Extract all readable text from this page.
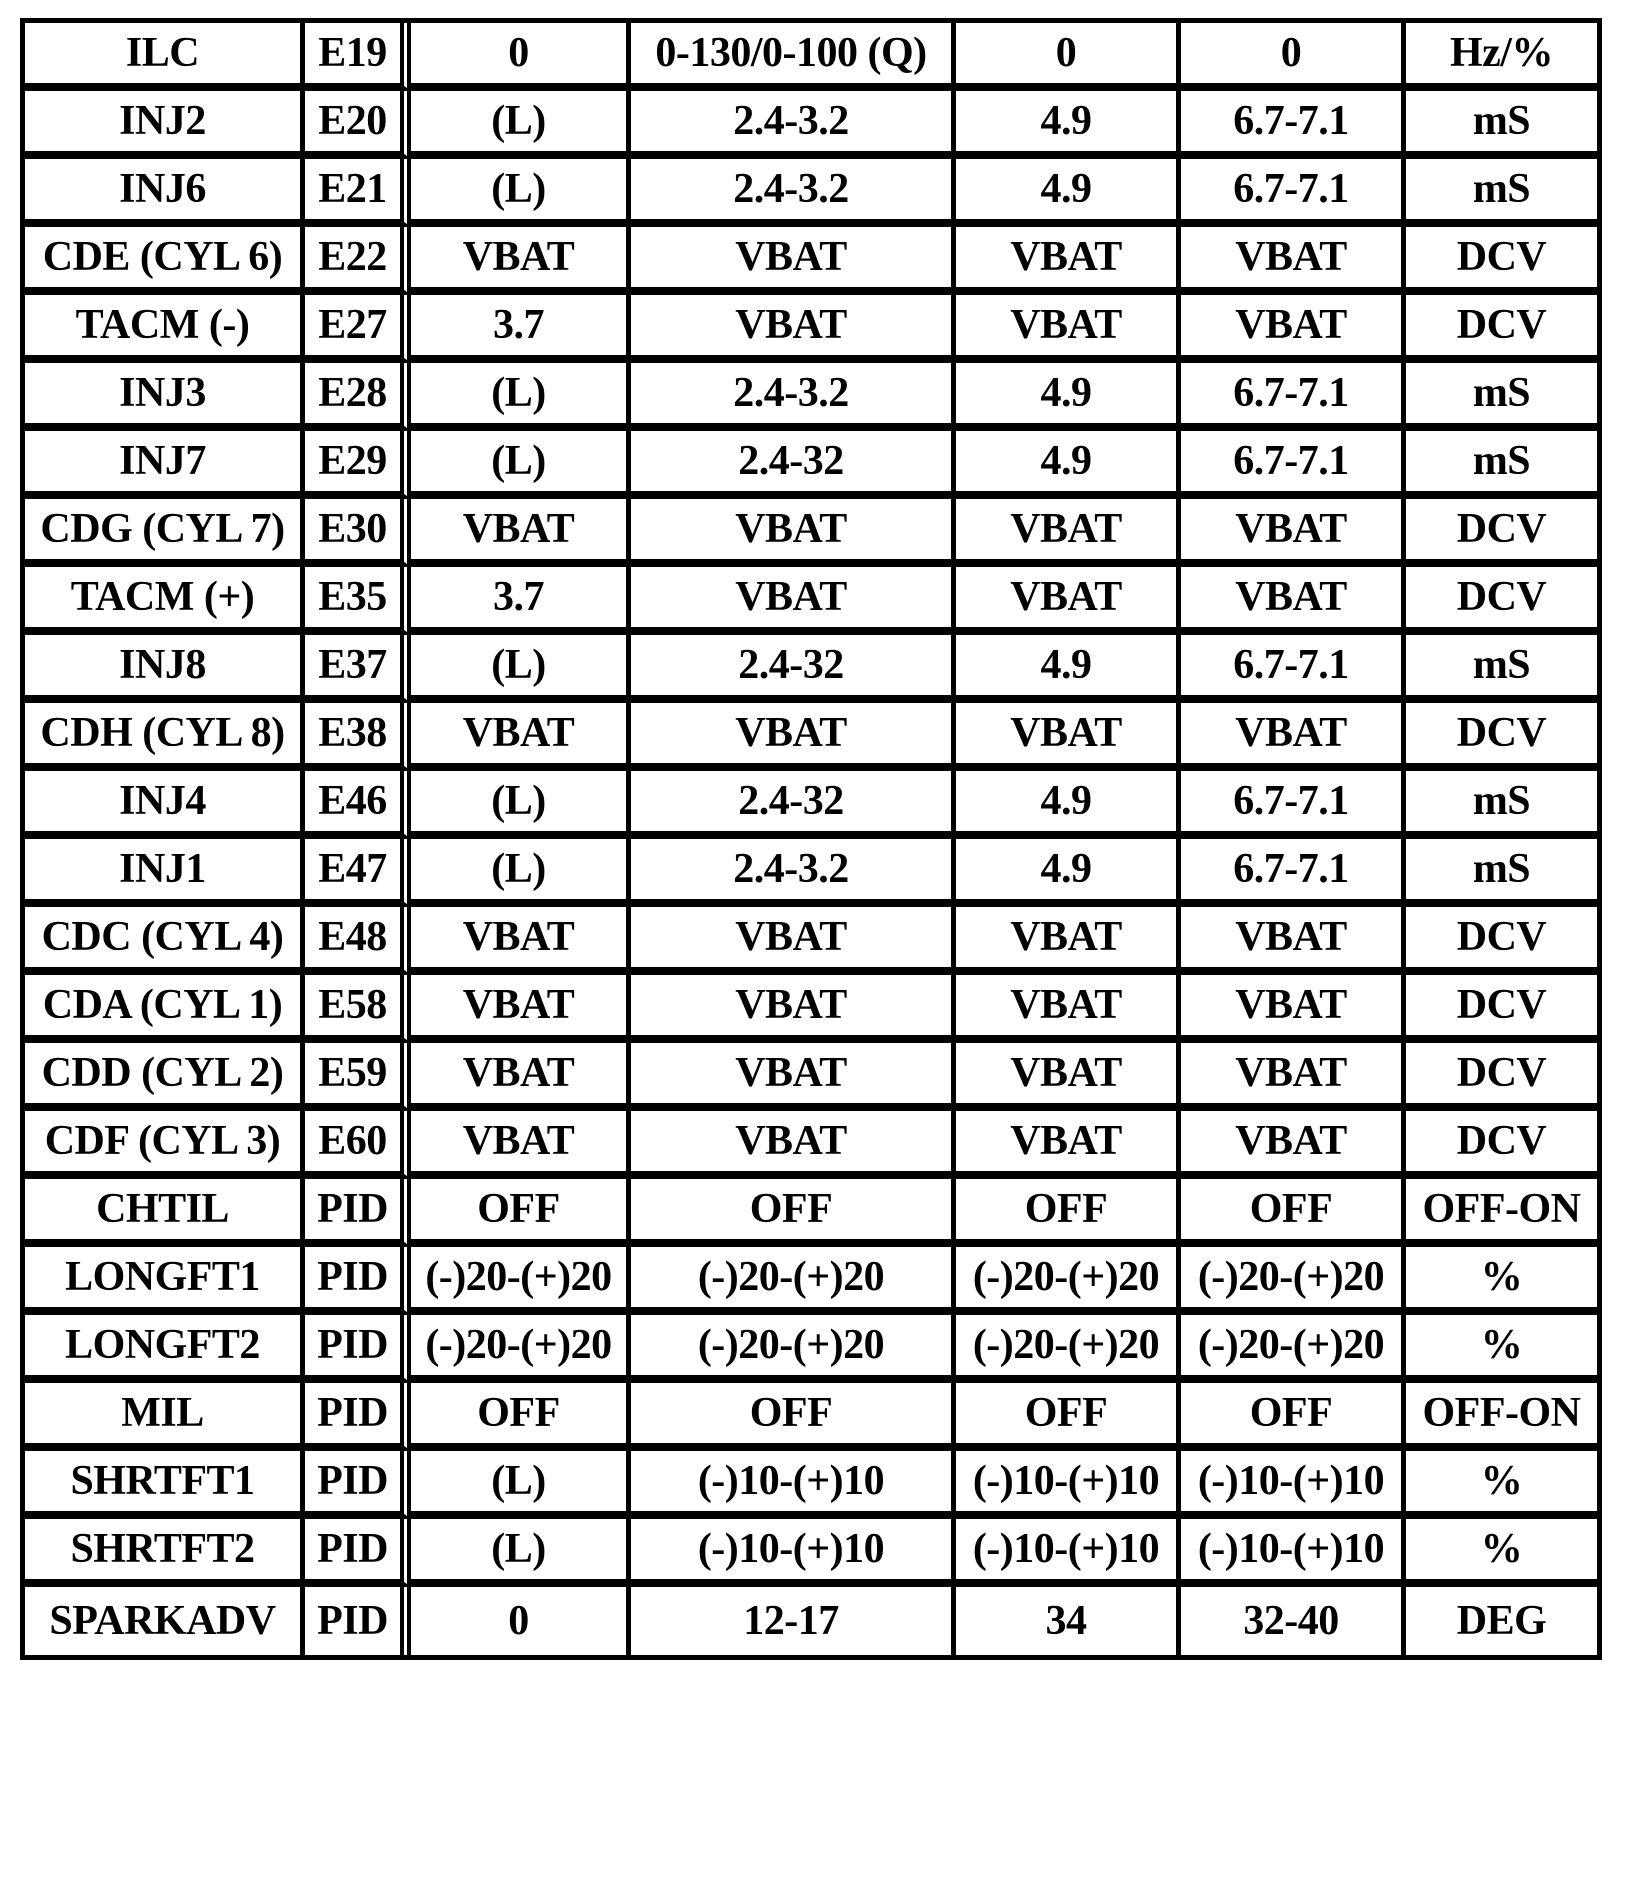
ILC	E19	0	0-130/0-100 (Q)	0	0	Hz/%
INJ2	E20	(L)	2.4-3.2	4.9	6.7-7.1	mS
INJ6	E21	(L)	2.4-3.2	4.9	6.7-7.1	mS
CDE (CYL 6)	E22	VBAT	VBAT	VBAT	VBAT	DCV
TACM (-)	E27	3.7	VBAT	VBAT	VBAT	DCV
INJ3	E28	(L)	2.4-3.2	4.9	6.7-7.1	mS
INJ7	E29	(L)	2.4-32	4.9	6.7-7.1	mS
CDG (CYL 7)	E30	VBAT	VBAT	VBAT	VBAT	DCV
TACM (+)	E35	3.7	VBAT	VBAT	VBAT	DCV
INJ8	E37	(L)	2.4-32	4.9	6.7-7.1	mS
CDH (CYL 8)	E38	VBAT	VBAT	VBAT	VBAT	DCV
INJ4	E46	(L)	2.4-32	4.9	6.7-7.1	mS
INJ1	E47	(L)	2.4-3.2	4.9	6.7-7.1	mS
CDC (CYL 4)	E48	VBAT	VBAT	VBAT	VBAT	DCV
CDA (CYL 1)	E58	VBAT	VBAT	VBAT	VBAT	DCV
CDD (CYL 2)	E59	VBAT	VBAT	VBAT	VBAT	DCV
CDF (CYL 3)	E60	VBAT	VBAT	VBAT	VBAT	DCV
CHTIL	PID	OFF	OFF	OFF	OFF	OFF-ON
LONGFT1	PID	(-)20-(+)20	(-)20-(+)20	(-)20-(+)20	(-)20-(+)20	%
LONGFT2	PID	(-)20-(+)20	(-)20-(+)20	(-)20-(+)20	(-)20-(+)20	%
MIL	PID	OFF	OFF	OFF	OFF	OFF-ON
SHRTFT1	PID	(L)	(-)10-(+)10	(-)10-(+)10	(-)10-(+)10	%
SHRTFT2	PID	(L)	(-)10-(+)10	(-)10-(+)10	(-)10-(+)10	%
SPARKADV	PID	0	12-17	34	32-40	DEG
